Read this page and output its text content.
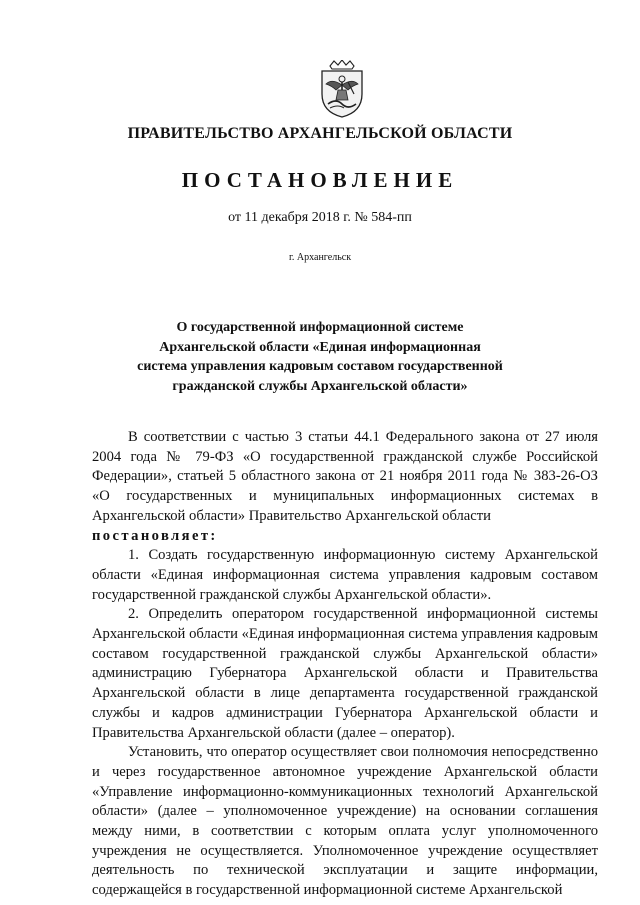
ПРАВИТЕЛЬСТВО АРХАНГЕЛЬСКОЙ ОБЛАСТИ
ПОСТАНОВЛЕНИЕ
от 11 декабря 2018 г. № 584-пп
г. Архангельск
О государственной информационной системе
Архангельской области «Единая информационная
система управления кадровым составом государственной
гражданской службы Архангельской области»

В соответствии с частью 3 статьи 44.1 Федерального закона от 27 июля 2004 года № 79-ФЗ «О государственной гражданской службе Российской Федерации», статьей 5 областного закона от 21 ноября 2011 года № 383-26-ОЗ «О государственных и муниципальных информационных системах в Архангельской области» Правительство Архангельской области
постановляет:

1. Создать государственную информационную систему Архангельской области «Единая информационная система управления кадровым составом государственной гражданской службы Архангельской области».

2. Определить оператором государственной информационной системы Архангельской области «Единая информационная система управления кадровым составом государственной гражданской службы Архангельской области» администрацию Губернатора Архангельской области и Правительства Архангельской области в лице департамента государственной гражданской службы и кадров администрации Губернатора Архангельской области и Правительства Архангельской области (далее – оператор).

Установить, что оператор осуществляет свои полномочия непосредственно и через государственное автономное учреждение Архангельской области «Управление информационно-коммуникационных технологий Архангельской области» (далее – уполномоченное учреждение) на основании соглашения между ними, в соответствии с которым оплата услуг уполномоченного учреждения не осуществляется. Уполномоченное учреждение осуществляет деятельность по технической эксплуатации и защите информации, содержащейся в государственной информационной системе Архангельской
